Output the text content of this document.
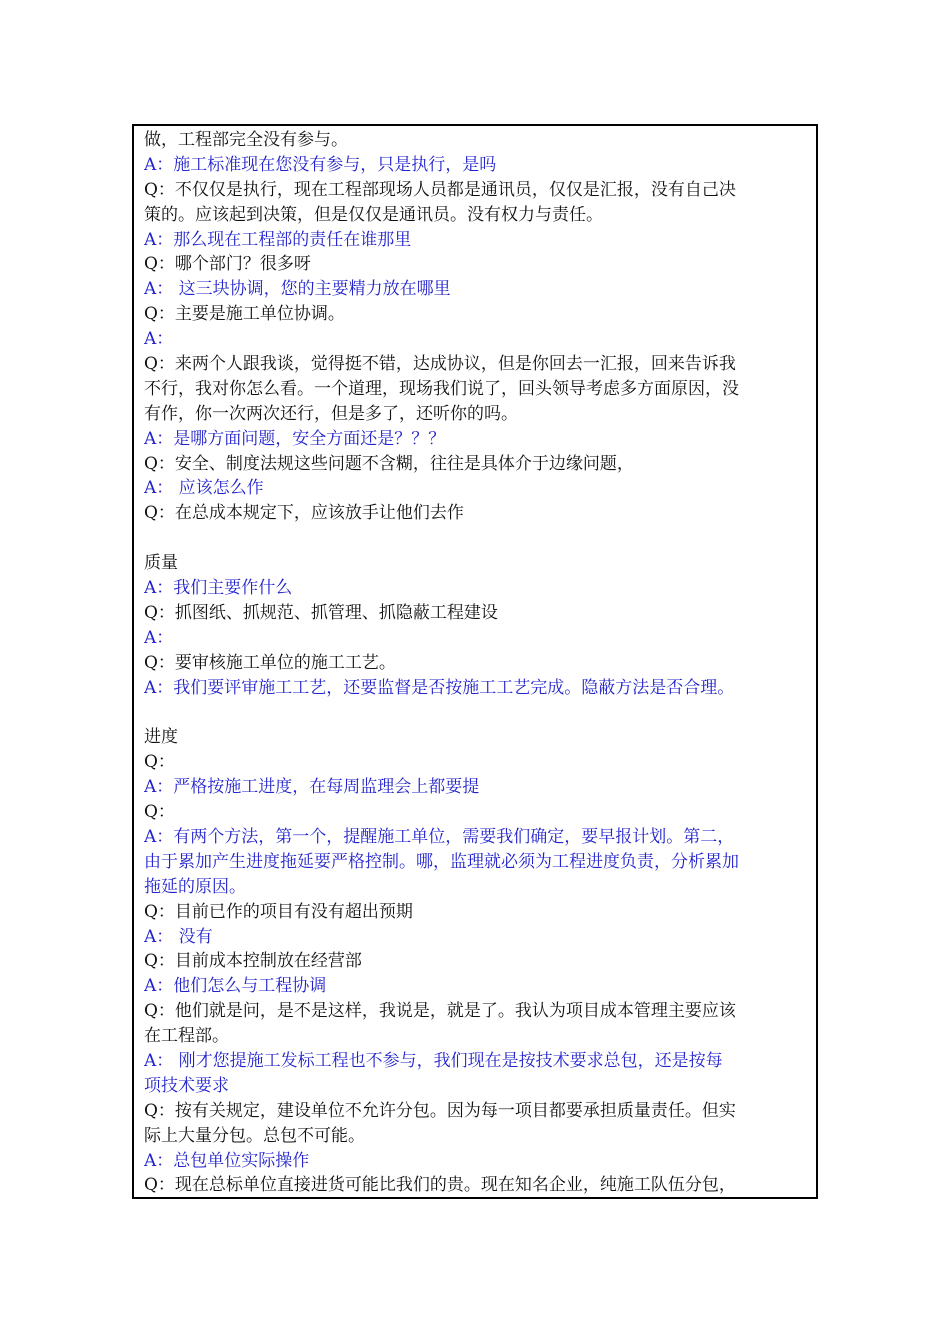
做，工程部完全没有参与。
A：施工标准现在您没有参与，只是执行，是吗
Q：不仅仅是执行，现在工程部现场人员都是通讯员，仅仅是汇报，没有自己决
策的。应该起到决策，但是仅仅是通讯员。没有权力与责任。
A：那么现在工程部的责任在谁那里
Q：哪个部门？很多呀
A： 这三块协调，您的主要精力放在哪里
Q：主要是施工单位协调。
A：
Q：来两个人跟我谈，觉得挺不错，达成协议，但是你回去一汇报，回来告诉我
不行，我对你怎么看。一个道理，现场我们说了，回头领导考虑多方面原因，没
有作，你一次两次还行，但是多了，还听你的吗。
A：是哪方面问题，安全方面还是？？？
Q：安全、制度法规这些问题不含糊，往往是具体介于边缘问题，
A： 应该怎么作
Q：在总成本规定下，应该放手让他们去作
质量
A：我们主要作什么
Q：抓图纸、抓规范、抓管理、抓隐蔽工程建设
A：
Q：要审核施工单位的施工工艺。
A：我们要评审施工工艺，还要监督是否按施工工艺完成。隐蔽方法是否合理。
进度
Q：
A：严格按施工进度，在每周监理会上都要提
Q：
A：有两个方法，第一个，提醒施工单位，需要我们确定，要早报计划。第二，
由于累加产生进度拖延要严格控制。哪，监理就必须为工程进度负责，分析累加
拖延的原因。
Q：目前已作的项目有没有超出预期
A： 没有
Q：目前成本控制放在经营部
A：他们怎么与工程协调
Q：他们就是问，是不是这样，我说是，就是了。我认为项目成本管理主要应该
在工程部。
A： 刚才您提施工发标工程也不参与，我们现在是按技术要求总包，还是按每
项技术要求
Q：按有关规定，建设单位不允许分包。因为每一项目都要承担质量责任。但实
际上大量分包。总包不可能。
A：总包单位实际操作
Q：现在总标单位直接进货可能比我们的贵。现在知名企业，纯施工队伍分包，
